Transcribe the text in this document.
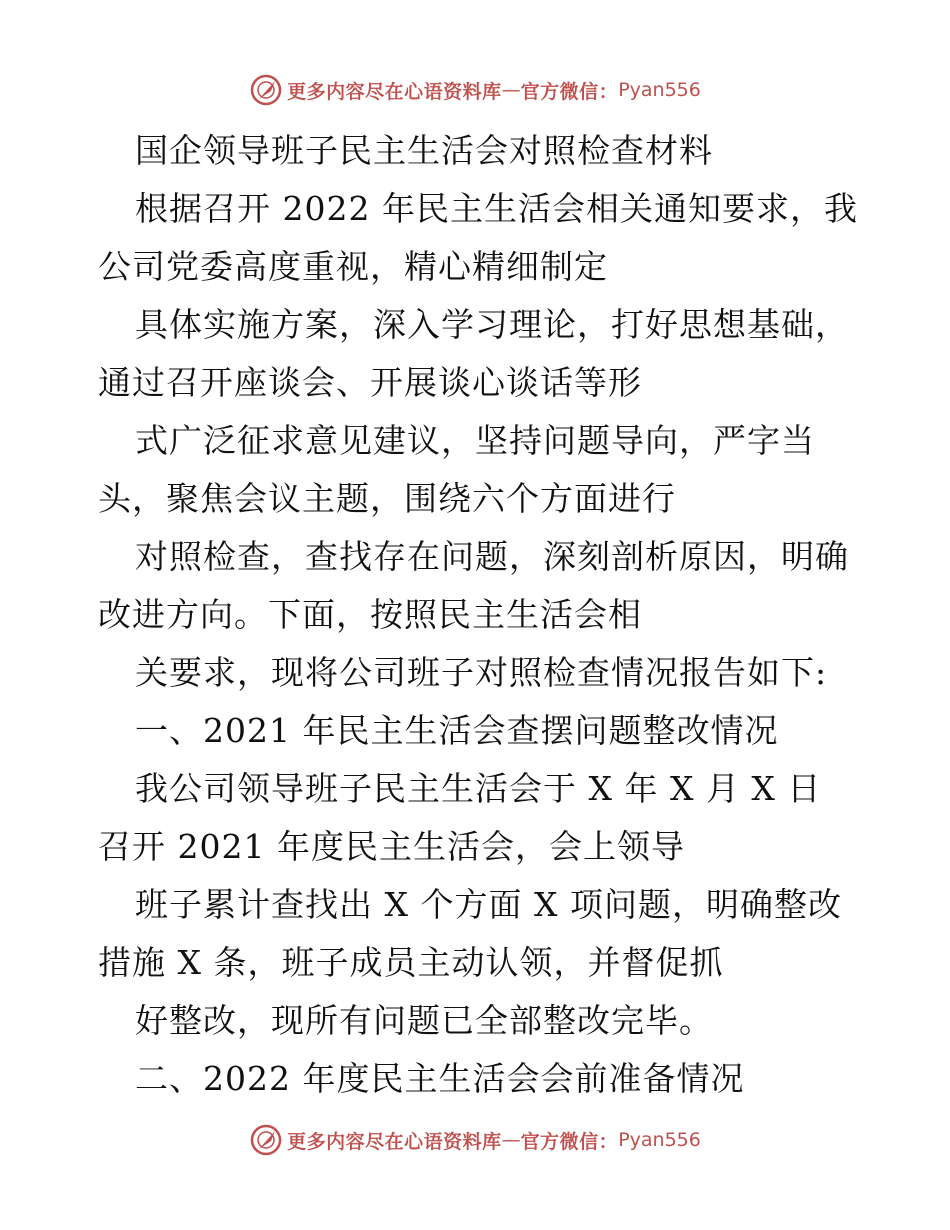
更多内容尽在心语资料库 — 官方微信： Pyan556
国企领导班子民主生活会对照检查材料
根据召开 2022 年民主生活会相关通知要求，我
公司党委高度重视，精心精细制定
具体实施方案，深入学习理论，打好思想基础，
通过召开座谈会、开展谈心谈话等形
式广泛征求意见建议，坚持问题导向，严字当
头，聚焦会议主题，围绕六个方面进行
对照检查，查找存在问题，深刻剖析原因，明确
改进方向。下面，按照民主生活会相
关要求，现将公司班子对照检查情况报告如下:
一、2021 年民主生活会查摆问题整改情况
我公司领导班子民主生活会于 X 年 X 月 X 日
召开 2021 年度民主生活会，会上领导
班子累计查找出 X 个方面 X 项问题，明确整改
措施 X 条，班子成员主动认领，并督促抓
好整改，现所有问题已全部整改完毕。
二、2022 年度民主生活会会前准备情况
更多内容尽在心语资料库 — 官方微信： Pyan556
